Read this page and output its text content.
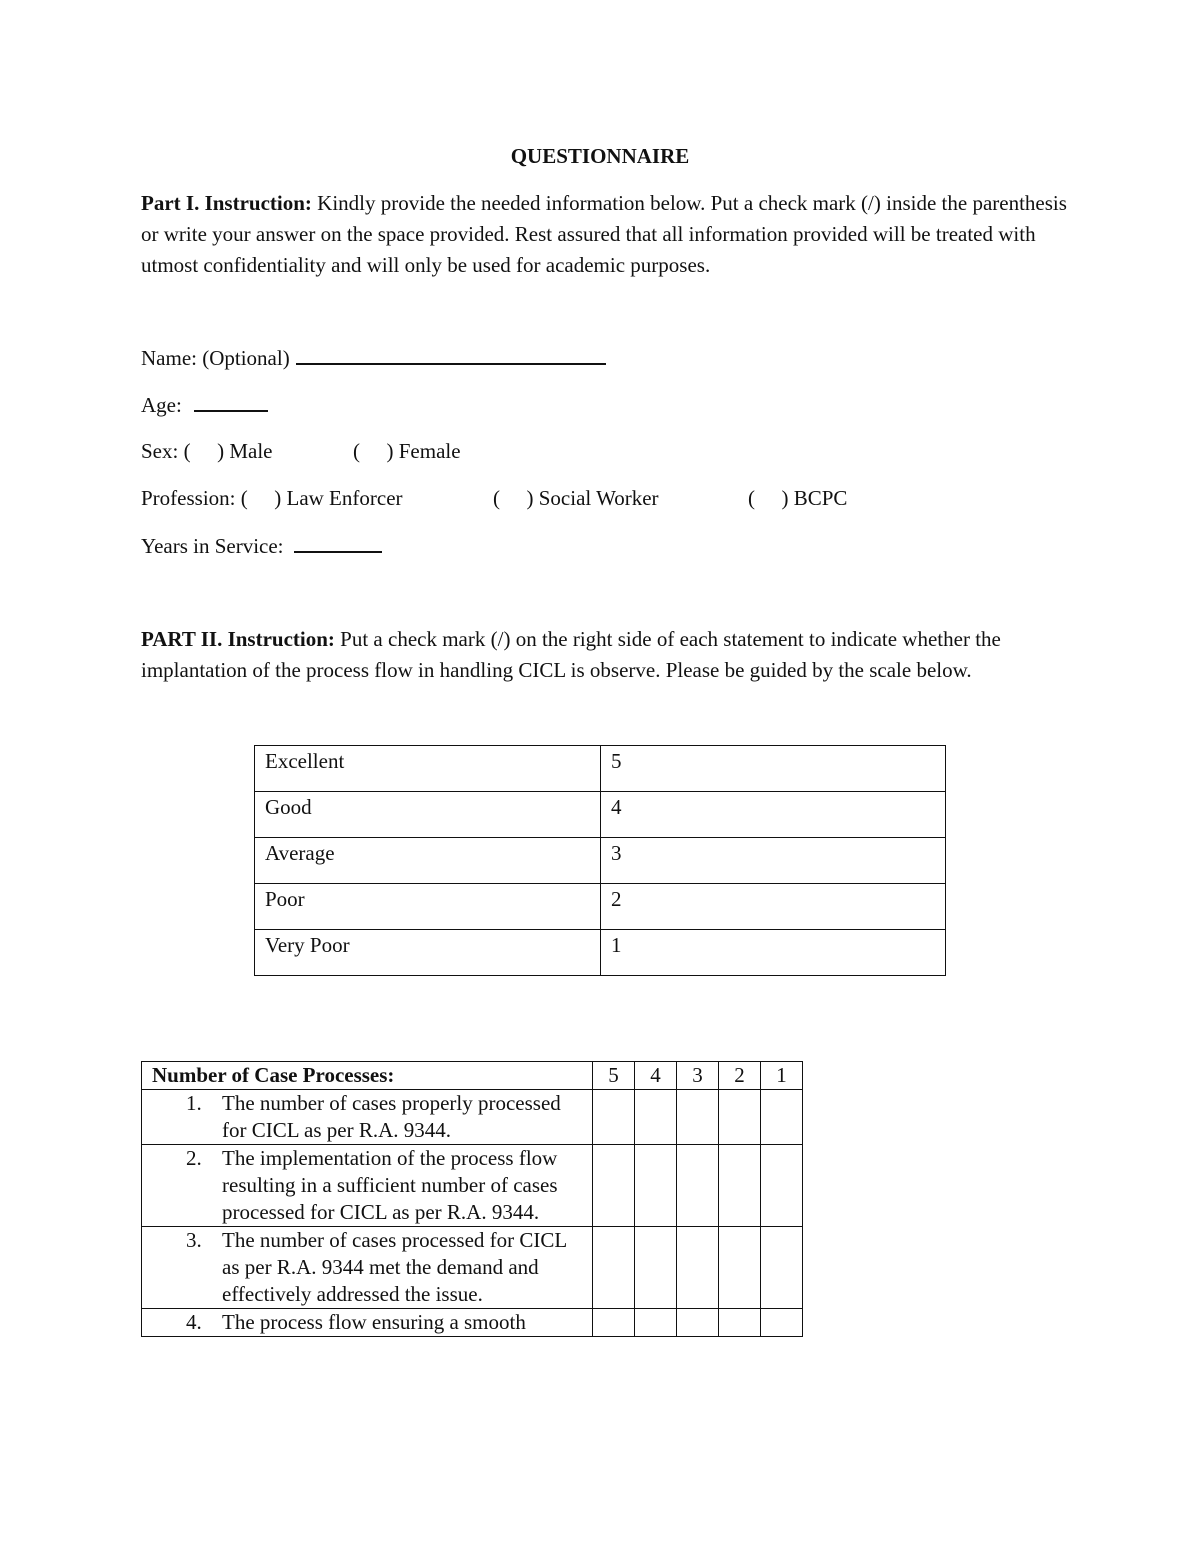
QUESTIONNAIRE
Part I. Instruction: Kindly provide the needed information below. Put a check mark (/) inside the parenthesis or write your answer on the space provided. Rest assured that all information provided will be treated with utmost confidentiality and will only be used for academic purposes.
Name: (Optional)
Age:
Sex: ( ) Male	( ) Female
Profession: ( ) Law Enforcer	( ) Social Worker	( ) BCPC
Years in Service:
PART II. Instruction: Put a check mark (/) on the right side of each statement to indicate whether the implantation of the process flow in handling CICL is observe. Please be guided by the scale below.
Excellent	5
Good	4
Average	3
Poor	2
Very Poor	1
Number of Case Processes:	5	4	3	2	1

1. The number of cases properly processed for CICL as per R.A. 9344.					

2. The implementation of the process flow resulting in a sufficient number of cases processed for CICL as per R.A. 9344.					

3. The number of cases processed for CICL as per R.A. 9344 met the demand and effectively addressed the issue.					

4. The process flow ensuring a smooth					
